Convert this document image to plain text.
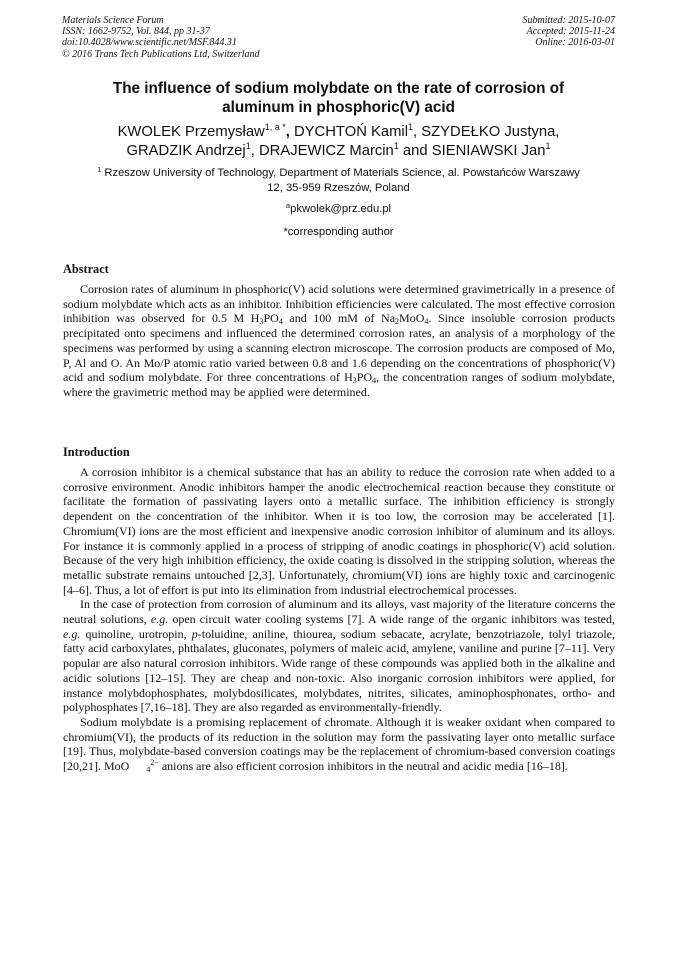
Materials Science Forum
ISSN: 1662-9752, Vol. 844, pp 31-37
doi:10.4028/www.scientific.net/MSF.844.31
© 2016 Trans Tech Publications Ltd, Switzerland
Submitted: 2015-10-07
Accepted: 2015-11-24
Online: 2016-03-01
The influence of sodium molybdate on the rate of corrosion of
aluminum in phosphoric(V) acid
KWOLEK Przemysław$^{1, a *}$, DYCHTOŃ Kamil$^1$, SZYDEŁKO Justyna,
GRADZIK Andrzej$^1$, DRAJEWICZ Marcin$^1$ and SIENIAWSKI Jan$^1$
$^1$ Rzeszow University of Technology, Department of Materials Science, al. Powstańców Warszawy
12, 35-959 Rzeszów, Poland
$^a$pkwolek@prz.edu.pl
*corresponding author
Abstract

Corrosion rates of aluminum in phosphoric(V) acid solutions were determined gravimetrically in a presence of sodium molybdate which acts as an inhibitor. Inhibition efficiencies were calculated. The most effective corrosion inhibition was observed for 0.5 M $H_3PO_4$ and 100 mM of $Na_2MoO_4$. Since insoluble corrosion products precipitated onto specimens and influenced the determined corrosion rates, an analysis of a morphology of the specimens was performed by using a scanning electron microscope. The corrosion products are composed of Mo, P, Al and O. An Mo/P atomic ratio varied between 0.8 and 1.6 depending on the concentrations of phosphoric(V) acid and sodium molybdate. For three concentrations of $H_3PO_4$, the concentration ranges of sodium molybdate, where the gravimetric method may be applied were determined.

Introduction

A corrosion inhibitor is a chemical substance that has an ability to reduce the corrosion rate when added to a corrosive environment. Anodic inhibitors hamper the anodic electrochemical reaction because they constitute or facilitate the formation of passivating layers onto a metallic surface. The inhibition efficiency is strongly dependent on the concentration of the inhibitor. When it is too low, the corrosion may be accelerated [1]. Chromium(VI) ions are the most efficient and inexpensive anodic corrosion inhibitor of aluminum and its alloys. For instance it is commonly applied in a process of stripping of anodic coatings in phosphoric(V) acid solution. Because of the very high inhibition efficiency, the oxide coating is dissolved in the stripping solution, whereas the metallic substrate remains untouched [2,3]. Unfortunately, chromium(VI) ions are highly toxic and carcinogenic [4–6]. Thus, a lot of effort is put into its elimination from industrial electrochemical processes.

In the case of protection from corrosion of aluminum and its alloys, vast majority of the literature concerns the neutral solutions, e.g. open circuit water cooling systems [7]. A wide range of the organic inhibitors was tested, e.g. quinoline, urotropin, p-toluidine, aniline, thiourea, sodium sebacate, acrylate, benzotriazole, tolyl triazole, fatty acid carboxylates, phthalates, gluconates, polymers of maleic acid, amylene, vaniline and purine [7–11]. Very popular are also natural corrosion inhibitors. Wide range of these compounds was applied both in the alkaline and acidic solutions [12–15]. They are cheap and non-toxic. Also inorganic corrosion inhibitors were applied, for instance molybdophosphates, molybdosilicates, molybdates, nitrites, silicates, aminophosphonates, ortho- and polyphosphates [7,16–18]. They are also regarded as environmentally-friendly.

Sodium molybdate is a promising replacement of chromate. Although it is weaker oxidant when compared to chromium(VI), the products of its reduction in the solution may form the passivating layer onto metallic surface [19]. Thus, molybdate-based conversion coatings may be the replacement of chromium-based conversion coatings [20,21]. MoO $_4^{2-}$ anions are also efficient corrosion inhibitors in the neutral and acidic media [16–18].
